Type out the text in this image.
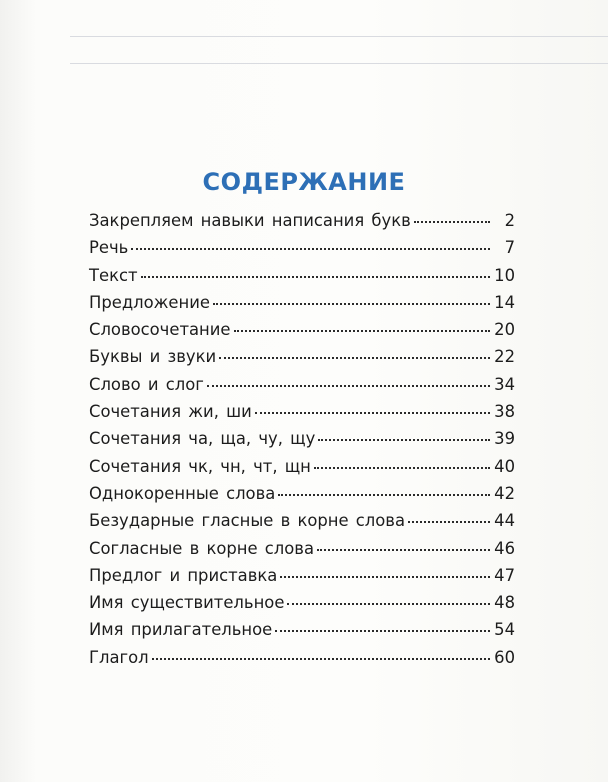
СОДЕРЖАНИЕ
Закрепляем навыки написания букв	2
Речь	7
Текст	10
Предложение	14
Словосочетание	20
Буквы и звуки	22
Слово и слог	34
Сочетания жи, ши	38
Сочетания ча, ща, чу, щу	39
Сочетания чк, чн, чт, щн	40
Однокоренные слова	42
Безударные гласные в корне слова	44
Согласные в корне слова	46
Предлог и приставка	47
Имя существительное	48
Имя прилагательное	54
Глагол	60
